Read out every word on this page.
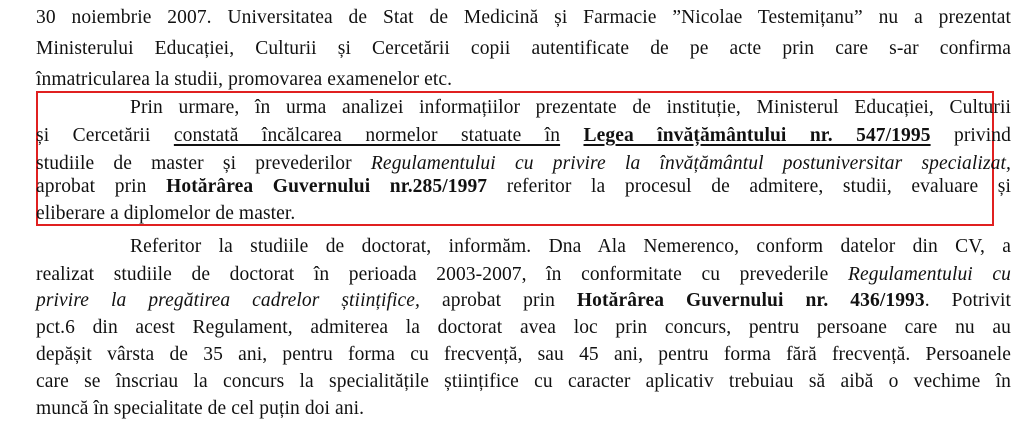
30 noiembrie 2007. Universitatea de Stat de Medicină și Farmacie ”Nicolae Testemițanu” nu a prezentat
Ministerului Educației, Culturii și Cercetării copii autentificate de pe acte prin care s-ar confirma
înmatricularea la studii, promovarea examenelor etc.
Prin urmare, în urma analizei informațiilor prezentate de instituție, Ministerul Educației, Culturii
și Cercetării constată încălcarea normelor statuate în Legea învățământului nr. 547/1995 privind
studiile de master și prevederilor Regulamentului cu privire la învățământul postuniversitar specializat,
aprobat prin Hotărârea Guvernului nr.285/1997 referitor la procesul de admitere, studii, evaluare și
eliberare a diplomelor de master.
Referitor la studiile de doctorat, informăm. Dna Ala Nemerenco, conform datelor din CV, a
realizat studiile de doctorat în perioada 2003-2007, în conformitate cu prevederile Regulamentului cu
privire la pregătirea cadrelor științifice, aprobat prin Hotărârea Guvernului nr. 436/1993. Potrivit
pct.6 din acest Regulament, admiterea la doctorat avea loc prin concurs, pentru persoane care nu au
depășit vârsta de 35 ani, pentru forma cu frecvență, sau 45 ani, pentru forma fără frecvență. Persoanele
care se înscriau la concurs la specialitățile științifice cu caracter aplicativ trebuiau să aibă o vechime în
muncă în specialitate de cel puțin doi ani.
